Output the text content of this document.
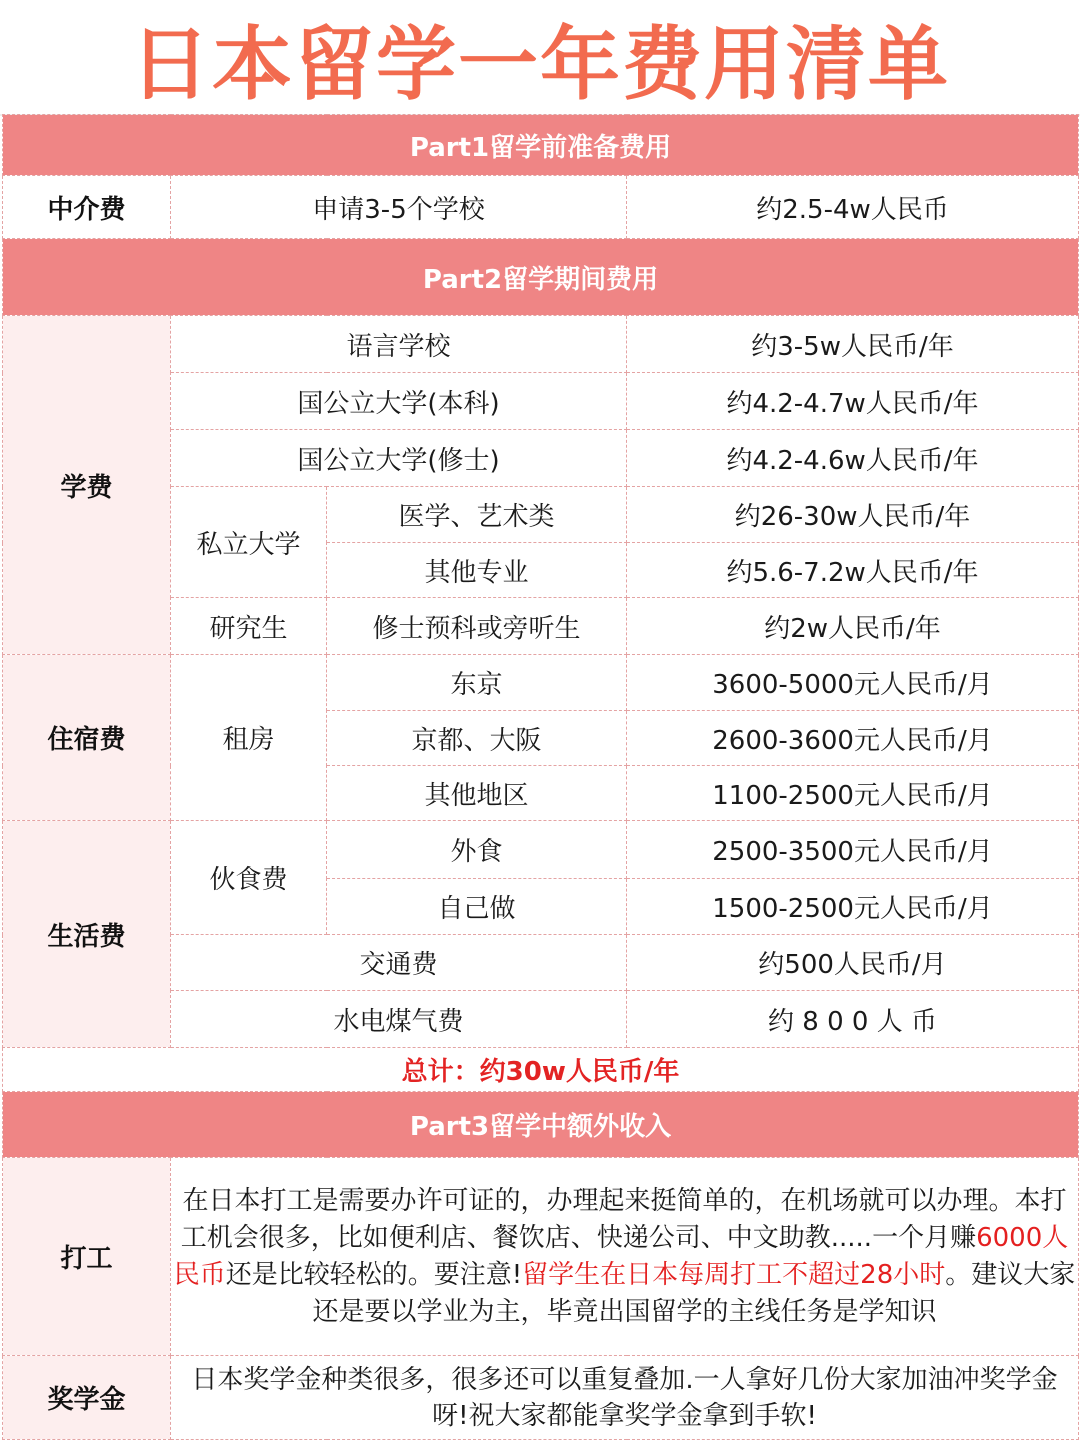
日本留学一年费用清单
Part1留学前准备费用			
中介费	申请3-5个学校		约2.5-4w人民币
Part2留学期间费用			
学费	语言学校		约3-5w人民币/年
	国公立大学(本科)		约4.2-4.7w人民币/年
	国公立大学(修士)		约4.2-4.6w人民币/年
	私立大学	医学、艺术类	约26-30w人民币/年
		其他专业	约5.6-7.2w人民币/年
	研究生	修士预科或旁听生	约2w人民币/年
住宿费	租房	东京	3600-5000元人民币/月
		京都、大阪	2600-3600元人民币/月
		其他地区	1100-2500元人民币/月
生活费	伙食费	外食	2500-3500元人民币/月
		自己做	1500-2500元人民币/月
	交通费		约500人民币/月
	水电煤气费		约 8 0 0 人 币
总计：约30w人民币/年			
Part3留学中额外收入			
打工	在日本打工是需要办许可证的，办理起来挺简单的，在机场就可以办理。本打工机会很多，比如便利店、餐饮店、快递公司、中文助教.....一个月赚6000人民币还是比较轻松的。要注意!留学生在日本每周打工不超过28小时。建议大家还是要以学业为主，毕竟出国留学的主线任务是学知识		
奖学金	日本奖学金种类很多，很多还可以重复叠加.一人拿好几份大家加油冲奖学金呀!祝大家都能拿奖学金拿到手软!		
